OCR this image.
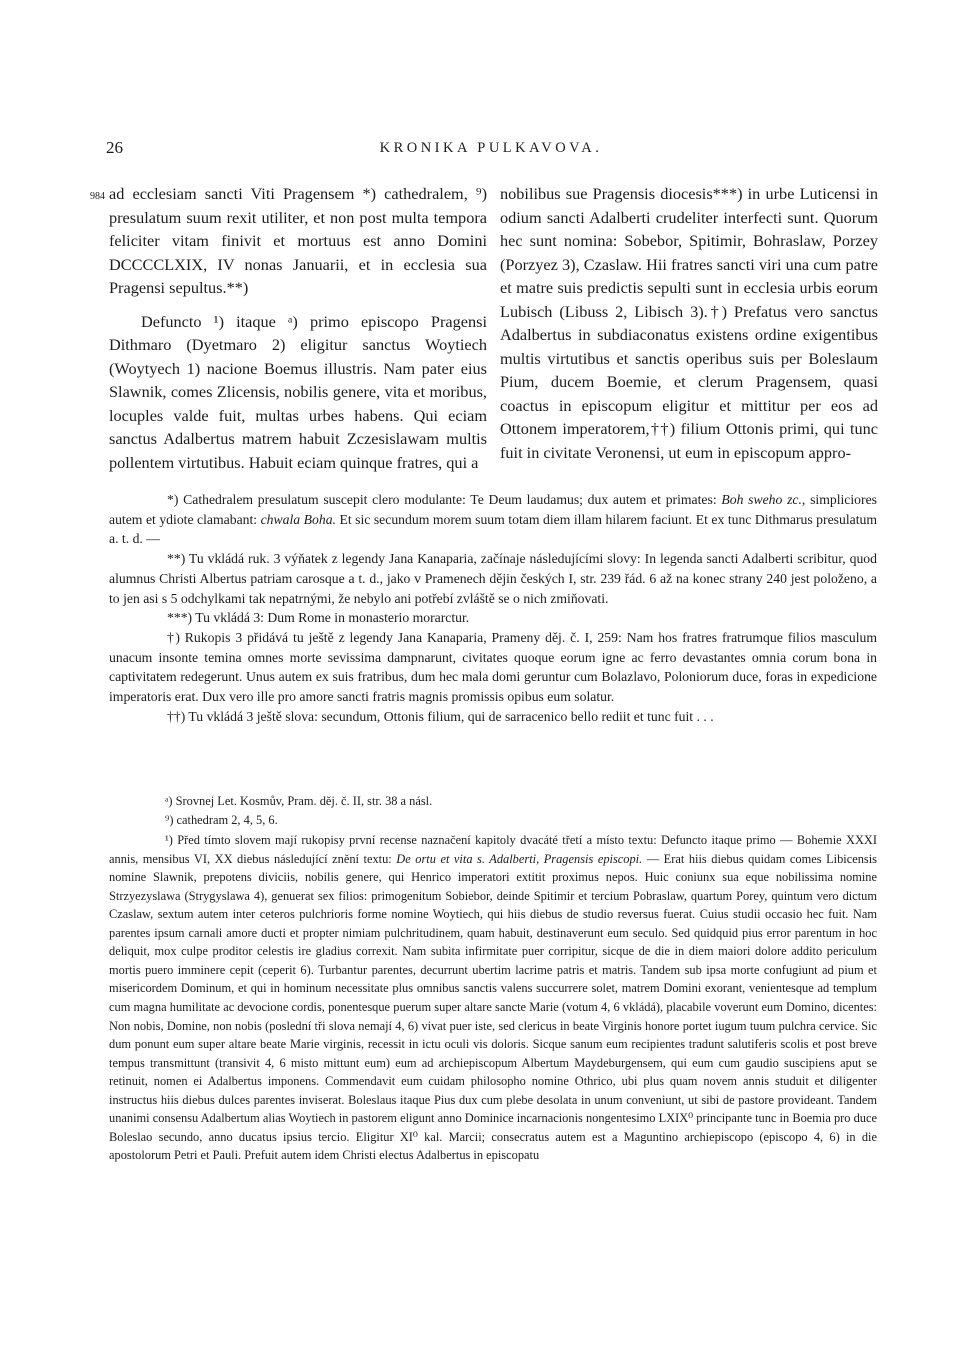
26	KRONIKA PULKAVOVA.
984 ad ecclesiam sancti Viti Pragensem *) cathedralem, ⁹) presulatum suum rexit utiliter, et non post multa tempora feliciter vitam finivit et mortuus est anno Domini DCCCCLXIX, IV nonas Januarii, et in ecclesia sua Pragensi sepultus.**)

Defuncto ¹) itaque ᵃ) primo episcopo Pragensi Dithmaro (Dyetmaro 2) eligitur sanctus Woytiech (Woytyech 1) nacione Boemus illustris. Nam pater eius Slawnik, comes Zlicensis, nobilis genere, vita et moribus, locuples valde fuit, multas urbes habens. Qui eciam sanctus Adalbertus matrem habuit Zczesislawam multis pollentem virtutibus. Habuit eciam quinque fratres, qui a

nobilibus sue Pragensis diocesis***) in urbe Luticensi in odium sancti Adalberti crudeliter interfecti sunt. Quorum hec sunt nomina: Sobebor, Spitimir, Bohraslaw, Porzey (Porzyez 3), Czaslaw. Hii fratres sancti viri una cum patre et matre suis predictis sepulti sunt in ecclesia urbis eorum Lubisch (Libuss 2, Libisch 3).†) Prefatus vero sanctus Adalbertus in subdiaconatus existens ordine exigentibus multis virtutibus et sanctis operibus suis per Boleslaum Pium, ducem Boemie, et clerum Pragensem, quasi coactus in episcopum eligitur et mittitur per eos ad Ottonem imperatorem,††) filium Ottonis primi, qui tunc fuit in civitate Veronensi, ut eum in episcopum appro-

*) Cathedralem presulatum suscepit clero modulante: Te Deum laudamus; dux autem et primates: Boh sweho zc., simpliciores autem et ydiote clamabant: chwala Boha. Et sic secundum morem suum totam diem illam hilarem faciunt. Et ex tunc Dithmarus presulatum a. t. d. —

**) Tu vkládá ruk. 3 výňatek z legendy Jana Kanaparia, začínaje následujícími slovy: In legenda sancti Adalberti scribitur, quod alumnus Christi Albertus patriam carosque a t. d., jako v Pramenech dějin českých I, str. 239 řád. 6 až na konec strany 240 jest položeno, a to jen asi s 5 odchylkami tak nepatrnými, že nebylo ani potřebí zvláště se o nich zmiňovati.

***) Tu vkládá 3: Dum Rome in monasterio morarctur.

†) Rukopis 3 přidává tu ještě z legendy Jana Kanaparia, Prameny děj. č. I, 259: Nam hos fratres fratrumque filios masculum unacum insonte temina omnes morte sevissima dampnarunt, civitates quoque eorum igne ac ferro devastantes omnia corum bona in captivitatem redegerunt. Unus autem ex suis fratribus, dum hec mala domi geruntur cum Bolazlavo, Poloniorum duce, foras in expedicione imperatoris erat. Dux vero ille pro amore sancti fratris magnis promissis opibus eum solatur.

††) Tu vkládá 3 ještě slova: secundum, Ottonis filium, qui de sarracenico bello rediit et tunc fuit . . .

ᵃ) Srovnej Let. Kosmův, Pram. děj. č. II, str. 38 a násl.

⁹) cathedram 2, 4, 5, 6.

¹) Před tímto slovem mají rukopisy první recense naznačení kapitoly dvacáté třetí a místo textu: Defuncto itaque primo — Bohemie XXXI annis, mensibus VI, XX diebus následující znění textu: De ortu et vita s. Adalberti, Pragensis episcopi. — Erat hiis diebus quidam comes Libicensis nomine Slawnik, prepotens diviciis, nobilis genere, qui Henrico imperatori extitit proximus nepos. Huic coniunx sua eque nobilissima nomine Strzyezyslawa (Strygyslawa 4), genuerat sex filios: primogenitum Sobiebor, deinde Spitimir et tercium Pobraslaw, quartum Porey, quintum vero dictum Czaslaw, sextum autem inter ceteros pulchrioris forme nomine Woytiech, qui hiis diebus de studio reversus fuerat. Cuius studii occasio hec fuit. Nam parentes ipsum carnali amore ducti et propter nimiam pulchritudinem, quam habuit, destinaverunt eum seculo. Sed quidquid pius error parentum in hoc deliquit, mox culpe proditor celestis ire gladius correxit. Nam subita infirmitate puer corripitur, sicque de die in diem maiori dolore addito periculum mortis puero imminere cepit (ceperit 6). Turbantur parentes, decurrunt ubertim lacrime patris et matris. Tandem sub ipsa morte confugiunt ad pium et misericordem Dominum, et qui in hominum necessitate plus omnibus sanctis valens succurrere solet, matrem Domini exorant, venientesque ad templum cum magna humilitate ac devocione cordis, ponentesque puerum super altare sancte Marie (votum 4, 6 vkládá), placabile voverunt eum Domino, dicentes: Non nobis, Domine, non nobis (poslední tři slova nemají 4, 6) vivat puer iste, sed clericus in beate Virginis honore portet iugum tuum pulchra cervice. Sic dum ponunt eum super altare beate Marie virginis, recessit in ictu oculi vis doloris. Sicque sanum eum recipientes tradunt salutiferis scolis et post breve tempus transmittunt (transivit 4, 6 misto mittunt eum) eum ad archiepiscopum Albertum Maydeburgensem, qui eum cum gaudio suscipiens aput se retinuit, nomen ei Adalbertus imponens. Commendavit eum cuidam philosopho nomine Othrico, ubi plus quam novem annis studuit et diligenter instructus hiis diebus dulces parentes inviserat. Boleslaus itaque Pius dux cum plebe desolata in unum conveniunt, ut sibi de pastore provideant. Tandem unanimi consensu Adalbertum alias Woytiech in pastorem eligunt anno Dominice incarnacionis nongentesimo LXIX⁰ principante tunc in Boemia pro duce Boleslao secundo, anno ducatus ipsius tercio. Eligitur XI⁰ kal. Marcii; consecratus autem est a Maguntino archiepiscopo (episcopo 4, 6) in die apostolorum Petri et Pauli. Prefuit autem idem Christi electus Adalbertus in episcopatu
